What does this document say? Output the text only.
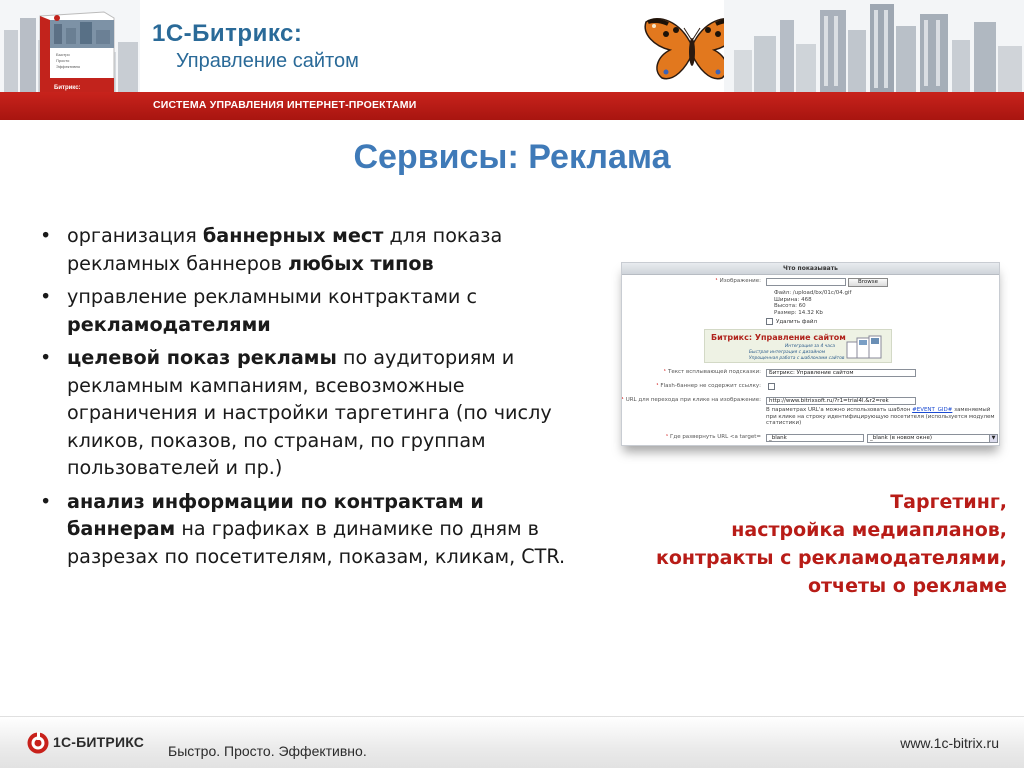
Битрикс:
Быстро
Просто
Эффективно
1С-Битрикс:
Управление сайтом
СИСТЕМА УПРАВЛЕНИЯ ИНТЕРНЕТ-ПРОЕКТАМИ
Сервисы: Реклама
• организация баннерных мест для показа рекламных баннеров любых типов
• управление рекламными контрактами с рекламодателями
• целевой показ рекламы по аудиториям и рекламным кампаниям, всевозможные ограничения и настройки таргетинга (по числу кликов, показов, по странам, по группам пользователей и пр.)
• анализ информации по контрактам и баннерам на графиках в динамике по дням в разрезах по посетителям, показам, кликам, CTR.
Что показывать
¹ Изображение:	Browse
Файл: /upload/bx/01c/04.gif
Ширина: 468
Высота: 60
Размер: 14.32 Kb
Удалить файл
Битрикс: Управление сайтом
Интеграция за 4 часа
Быстрая интеграция с дизайном
Упрощенная работа с шаблонами сайтов
¹ Текст всплывающей подсказки:	Битрикс: Управление сайтом
¹ Flash-баннер не содержит ссылку:
¹ URL для перехода при клике на изображение:	http://www.bitrixsoft.ru/?r1=trial4l.&r2=rek
В параметрах URL'а можно использовать шаблон #EVENT_GID# заменяемый при клике на строку идентифицирующую посетителя (используется модулем статистики)
¹ Где развернуть URL <a target=	_blank	_blank (в новом окне)	▼
Таргетинг,
настройка медиапланов,
контракты с рекламодателями,
отчеты о рекламе
1С-БИТРИКС
Быстро. Просто. Эффективно.	www.1c-bitrix.ru
